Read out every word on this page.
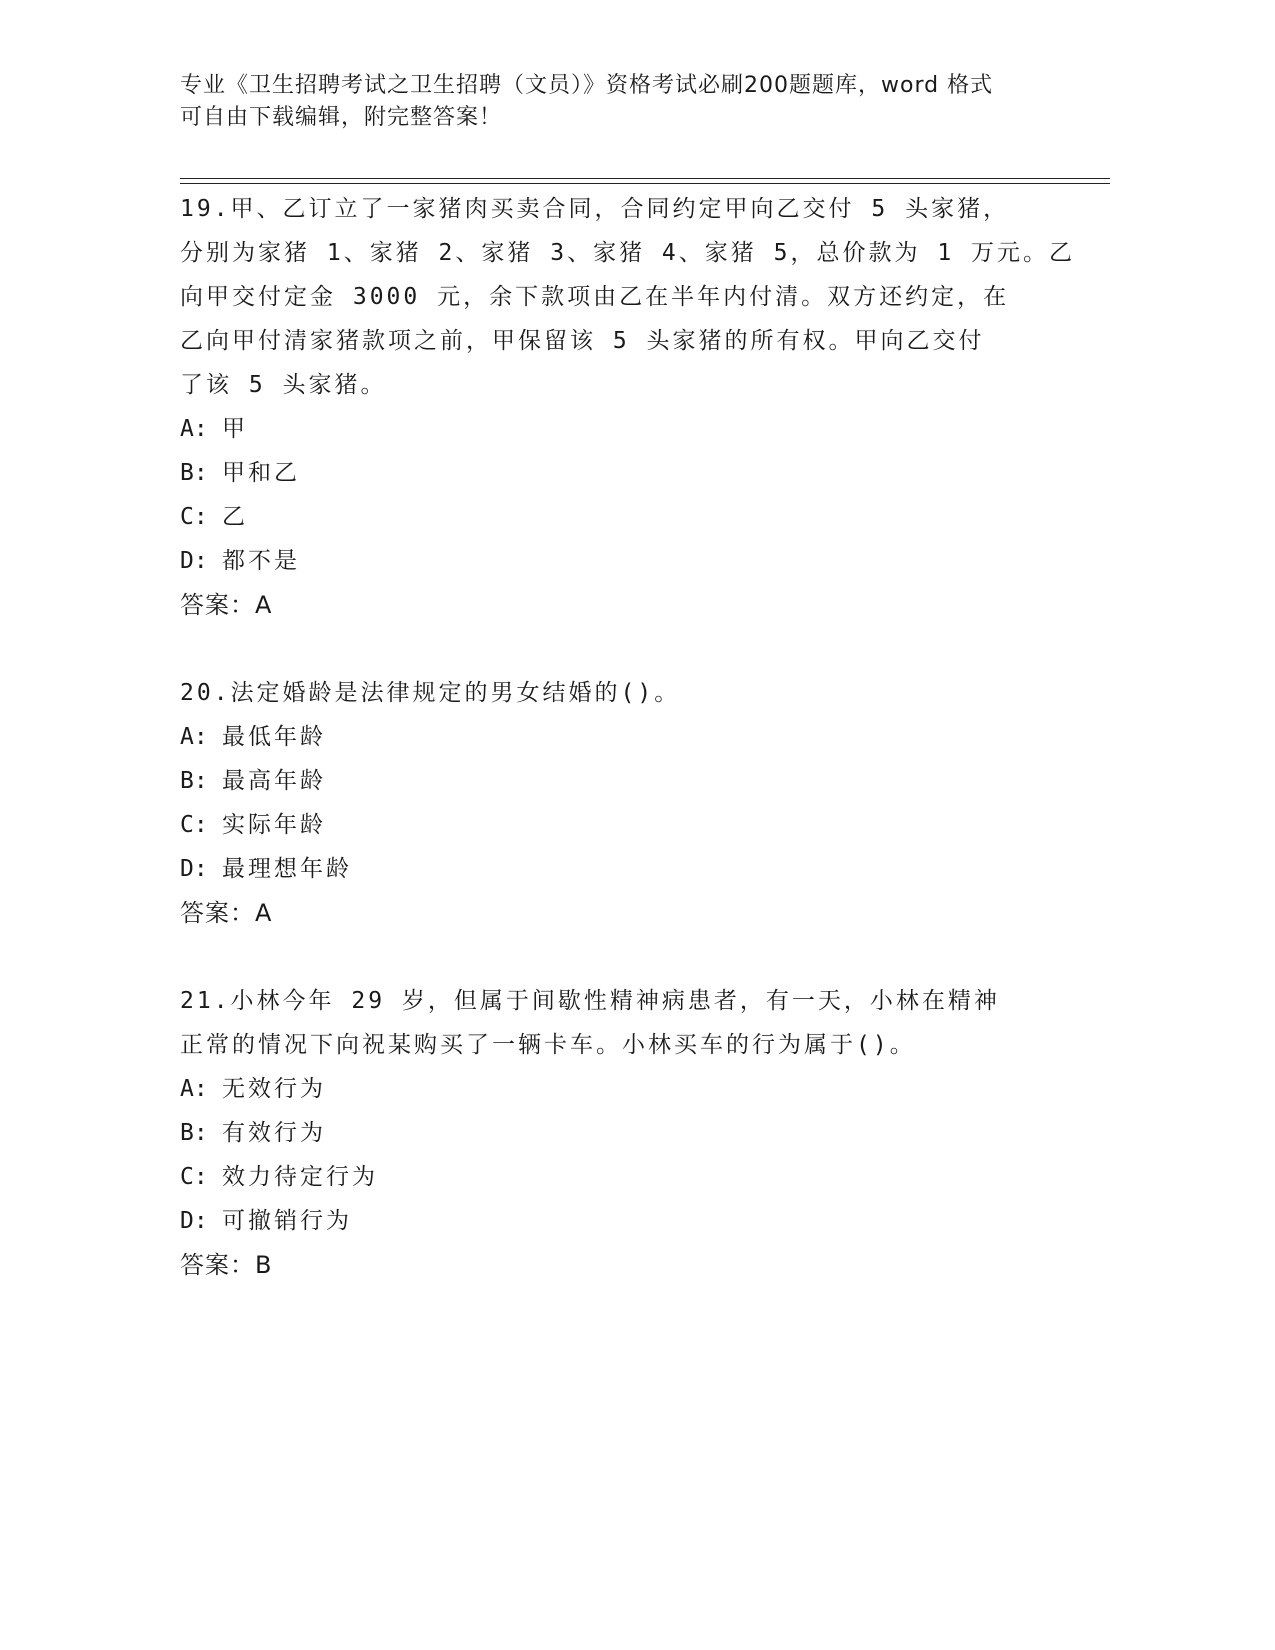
专业《卫生招聘考试之卫生招聘（文员）》资格考试必刷200题题库，word 格式
可自由下载编辑，附完整答案！
19.甲、乙订立了一家猪肉买卖合同，合同约定甲向乙交付 5 头家猪，
分别为家猪 1、家猪 2、家猪 3、家猪 4、家猪 5，总价款为 1 万元。乙
向甲交付定金 3000 元，余下款项由乙在半年内付清。双方还约定，在
乙向甲付清家猪款项之前，甲保留该 5 头家猪的所有权。甲向乙交付
了该 5 头家猪。

A: 甲

B: 甲和乙

C: 乙

D: 都不是

答案：A

20.法定婚龄是法律规定的男女结婚的()。

A: 最低年龄

B: 最高年龄

C: 实际年龄

D: 最理想年龄

答案：A

21.小林今年 29 岁，但属于间歇性精神病患者，有一天，小林在精神
正常的情况下向祝某购买了一辆卡车。小林买车的行为属于()。

A: 无效行为

B: 有效行为

C: 效力待定行为

D: 可撤销行为

答案：B
